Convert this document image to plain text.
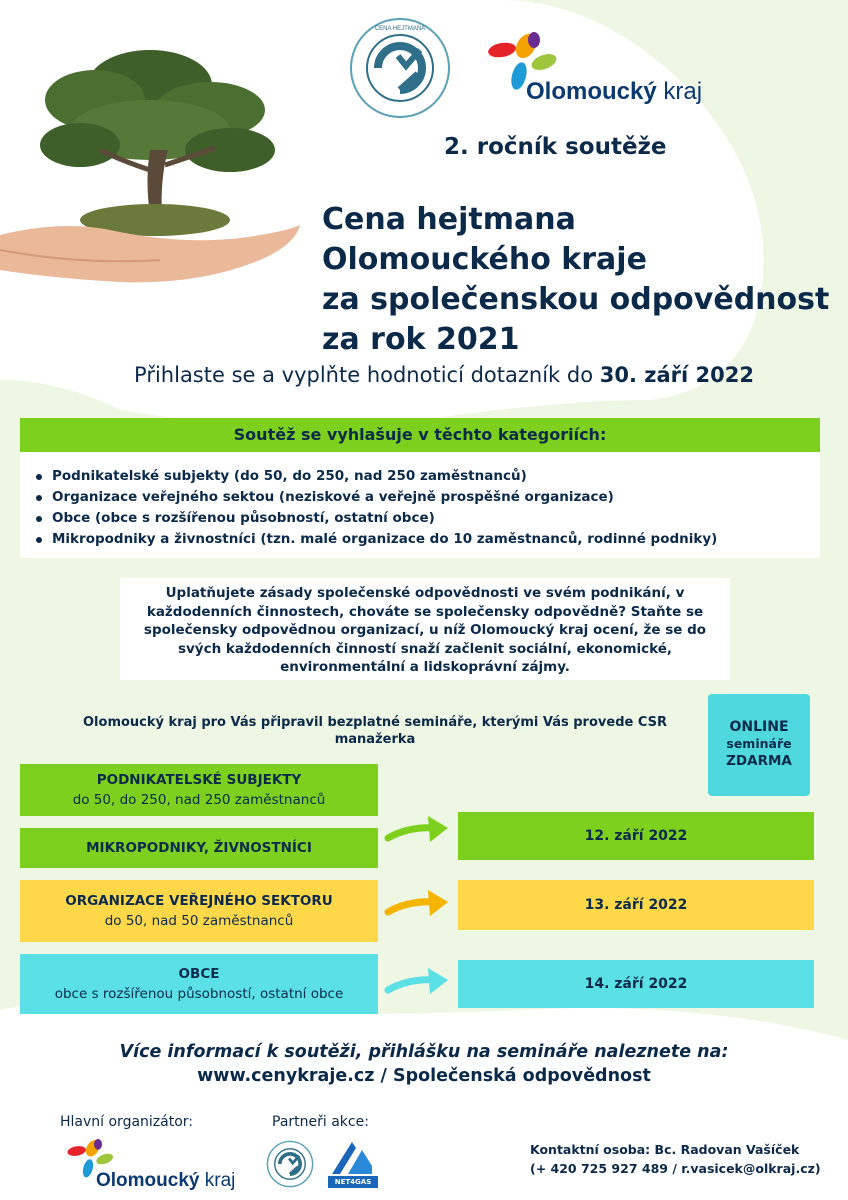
CENA HEJTMANA
Olomoucký kraj
2. ročník soutěže
Cena hejtmana
Olomouckého kraje
za společenskou odpovědnost
za rok 2021
Přihlaste se a vyplňte hodnoticí dotazník do 30. září 2022
Soutěž se vyhlašuje v těchto kategoriích:
Podnikatelské subjekty (do 50, do 250, nad 250 zaměstnanců)
Organizace veřejného sektou (neziskové a veřejně prospěšné organizace)
Obce (obce s rozšířenou působností, ostatní obce)
Mikropodniky a živnostníci (tzn. malé organizace do 10 zaměstnanců, rodinné podniky)
Uplatňujete zásady společenské odpovědnosti ve svém podnikání, v každodenních činnostech, chováte se společensky odpovědně? Staňte se společensky odpovědnou organizací, u níž Olomoucký kraj ocení, že se do svých každodenních činností snaží začlenit sociální, ekonomické, environmentální a lidskoprávní zájmy.
Olomoucký kraj pro Vás připravil bezplatné semináře, kterými Vás provede CSR manažerka
ONLINE
semináře
ZDARMA
PODNIKATELSKÉ SUBJEKTY
do 50, do 250, nad 250 zaměstnanců
MIKROPODNIKY, ŽIVNOSTNÍCI
ORGANIZACE VEŘEJNÉHO SEKTORU
do 50, nad 50 zaměstnanců
OBCE
obce s rozšířenou působností, ostatní obce
12. září 2022
13. září 2022
14. září 2022
Více informací k soutěži, přihlášku na semináře naleznete na:
www.cenykraje.cz / Společenská odpovědnost
Hlavní organizátor:	Partneři akce:
Olomoucký kraj	NET4GAS
Kontaktní osoba: Bc. Radovan Vašíček
(+ 420 725 927 489 / r.vasicek@olkraj.cz)
